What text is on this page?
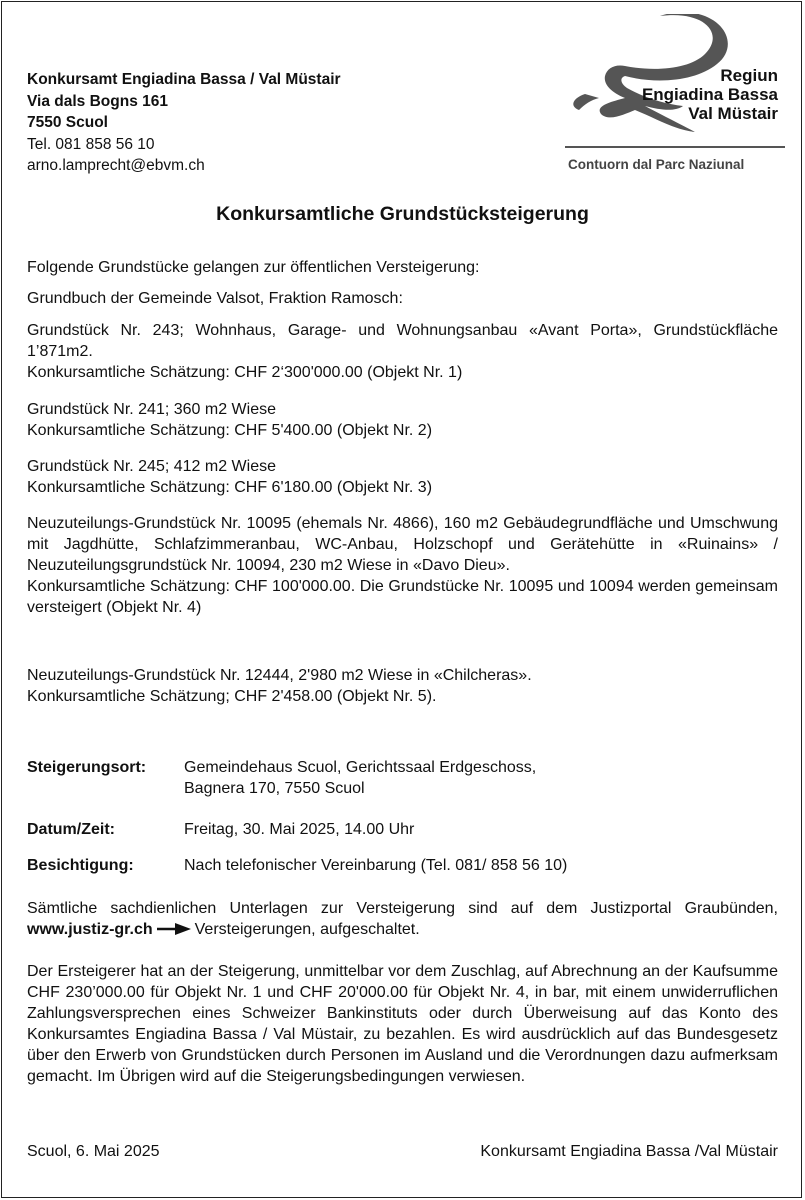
Konkursamt Engiadina Bassa / Val Müstair
Via dals Bogns 161
7550 Scuol
Tel. 081 858 56 10
arno.lamprecht@ebvm.ch
Regiun
Engiadina Bassa
Val Müstair
Contuorn dal Parc Naziunal
Konkursamtliche Grundstücksteigerung
Folgende Grundstücke gelangen zur öffentlichen Versteigerung:
Grundbuch der Gemeinde Valsot, Fraktion Ramosch:
Grundstück Nr. 243; Wohnhaus, Garage- und Wohnungsanbau «Avant Porta», Grundstückfläche 1’871m2.
Konkursamtliche Schätzung: CHF 2‘300'000.00 (Objekt Nr. 1)
Grundstück Nr. 241; 360 m2 Wiese
Konkursamtliche Schätzung: CHF 5'400.00 (Objekt Nr. 2)
Grundstück Nr. 245; 412 m2 Wiese
Konkursamtliche Schätzung: CHF 6'180.00 (Objekt Nr. 3)
Neuzuteilungs-Grundstück Nr. 10095 (ehemals Nr. 4866), 160 m2 Gebäudegrundfläche und Umschwung mit Jagdhütte, Schlafzimmeranbau, WC-Anbau, Holzschopf und Gerätehütte in «Ruinains» / Neuzuteilungsgrundstück Nr. 10094, 230 m2 Wiese in «Davo Dieu».
Konkursamtliche Schätzung: CHF 100'000.00. Die Grundstücke Nr. 10095 und 10094 werden gemeinsam versteigert (Objekt Nr. 4)
Neuzuteilungs-Grundstück Nr. 12444, 2'980 m2 Wiese in «Chilcheras».
Konkursamtliche Schätzung; CHF 2'458.00 (Objekt Nr. 5).
Steigerungsort: Gemeindehaus Scuol, Gerichtssaal Erdgeschoss,
Bagnera 170, 7550 Scuol
Datum/Zeit:	Freitag, 30. Mai 2025, 14.00 Uhr
Besichtigung:	Nach telefonischer Vereinbarung (Tel. 081/ 858 56 10)
Sämtliche sachdienlichen Unterlagen zur Versteigerung sind auf dem Justizportal Graubünden, www.justiz-gr.ch	Versteigerungen, aufgeschaltet.
Der Ersteigerer hat an der Steigerung, unmittelbar vor dem Zuschlag, auf Abrechnung an der Kaufsumme CHF 230’000.00 für Objekt Nr. 1 und CHF 20'000.00 für Objekt Nr. 4, in bar, mit einem unwiderruflichen Zahlungsversprechen eines Schweizer Bankinstituts oder durch Überweisung auf das Konto des Konkursamtes Engiadina Bassa / Val Müstair, zu bezahlen. Es wird ausdrücklich auf das Bundesgesetz über den Erwerb von Grundstücken durch Personen im Ausland und die Verordnungen dazu aufmerksam gemacht. Im Übrigen wird auf die Steigerungsbedingungen verwiesen.
Scuol, 6. Mai 2025	Konkursamt Engiadina Bassa /Val Müstair
